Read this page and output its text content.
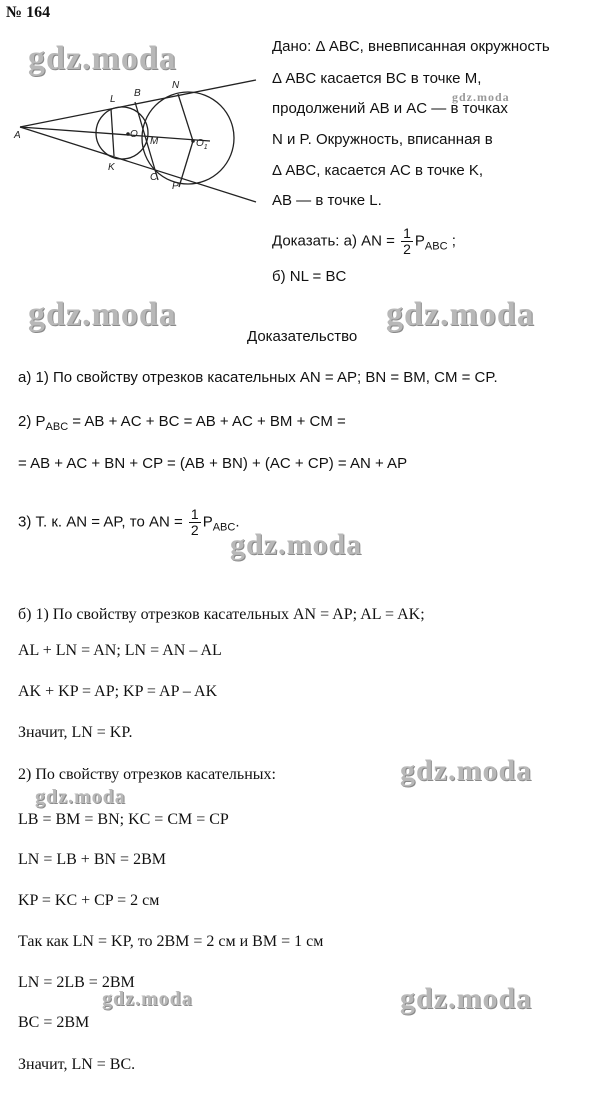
№ 164
A
B
C
L
K
M
N
P
O
$O_1$
Дано: Δ ABC, вневписанная окружность
Δ ABC касается BC в точке M,
продолжений AB и AC — в точках
N и P. Окружность, вписанная в
Δ ABC, касается AC в точке K,
AB — в точке L.
Доказать: а) AN = $\frac{1}{2} P_{ABC}$ ;
б) NL = BC
Доказательство
а) 1) По свойству отрезков касательных AN = AP; BN = BM, CM = CP.
2) $P_{ABC}$ = AB + AC + BC = AB + AC + BM + CM =
= AB + AC + BN + CP = (AB + BN) + (AC + CP) = AN + AP
3) Т. к. AN = AP, то AN = $\frac{1}{2} P_{ABC}$.
б) 1) По свойству отрезков касательных AN = AP; AL = AK;
AL + LN = AN; LN = AN – AL
AK + KP = AP; KP = AP – AK
Значит, LN = KP.
2) По свойству отрезков касательных:
LB = BM = BN; KC = CM = CP
LN = LB + BN = 2BM
KP = KC + CP = 2 см
Так как LN = KP, то 2BM = 2 см и BM = 1 см
LN = 2LB = 2BM
BC = 2BM
Значит, LN = BC.
gdz.moda
gdz.moda
gdz.moda	gdz.moda
gdz.moda
gdz.moda
gdz.moda
gdz.moda	gdz.moda
